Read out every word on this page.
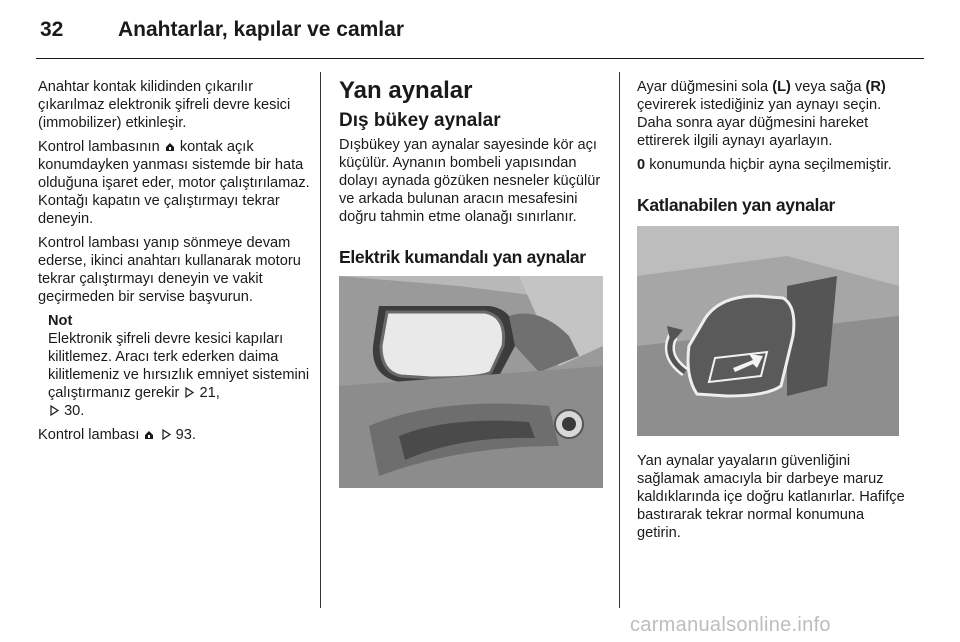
32	Anahtarlar, kapılar ve camlar

Anahtar kontak kilidinden çıkarılır çıkarılmaz elektronik şifreli devre kesici (immobilizer) etkinleşir.

Kontrol lambasının kontak açık konumdayken yanması sistemde bir hata olduğuna işaret eder, motor çalıştırılamaz. Kontağı kapatın ve çalıştırmayı tekrar deneyin.

Kontrol lambası yanıp sönmeye devam ederse, ikinci anahtarı kullanarak motoru tekrar çalıştırmayı deneyin ve vakit geçirmeden bir servise başvurun.

Not
Elektronik şifreli devre kesici kapıları kilitlemez. Aracı terk ederken daima kilitlemeniz ve hırsızlık emniyet sistemini çalıştırmanız gerekir 21,
30.

Kontrol lambası 93.

Yan aynalar
Dış bükey aynalar

Dışbükey yan aynalar sayesinde kör açı küçülür. Aynanın bombeli yapısından dolayı aynada gözüken nesneler küçülür ve arkada bulunan aracın mesafesini doğru tahmin etme olanağı sınırlanır.

Elektrik kumandalı yan aynalar

Ayar düğmesini sola (L) veya sağa (R) çevirerek istediğiniz yan aynayı seçin. Daha sonra ayar düğmesini hareket ettirerek ilgili aynayı ayarlayın.

0 konumunda hiçbir ayna seçilmemiştir.

Katlanabilen yan aynalar

Yan aynalar yayaların güvenliğini sağlamak amacıyla bir darbeye maruz kaldıklarında içe doğru katlanırlar. Hafifçe bastırarak tekrar normal konumuna getirin.

carmanualsonline.info
